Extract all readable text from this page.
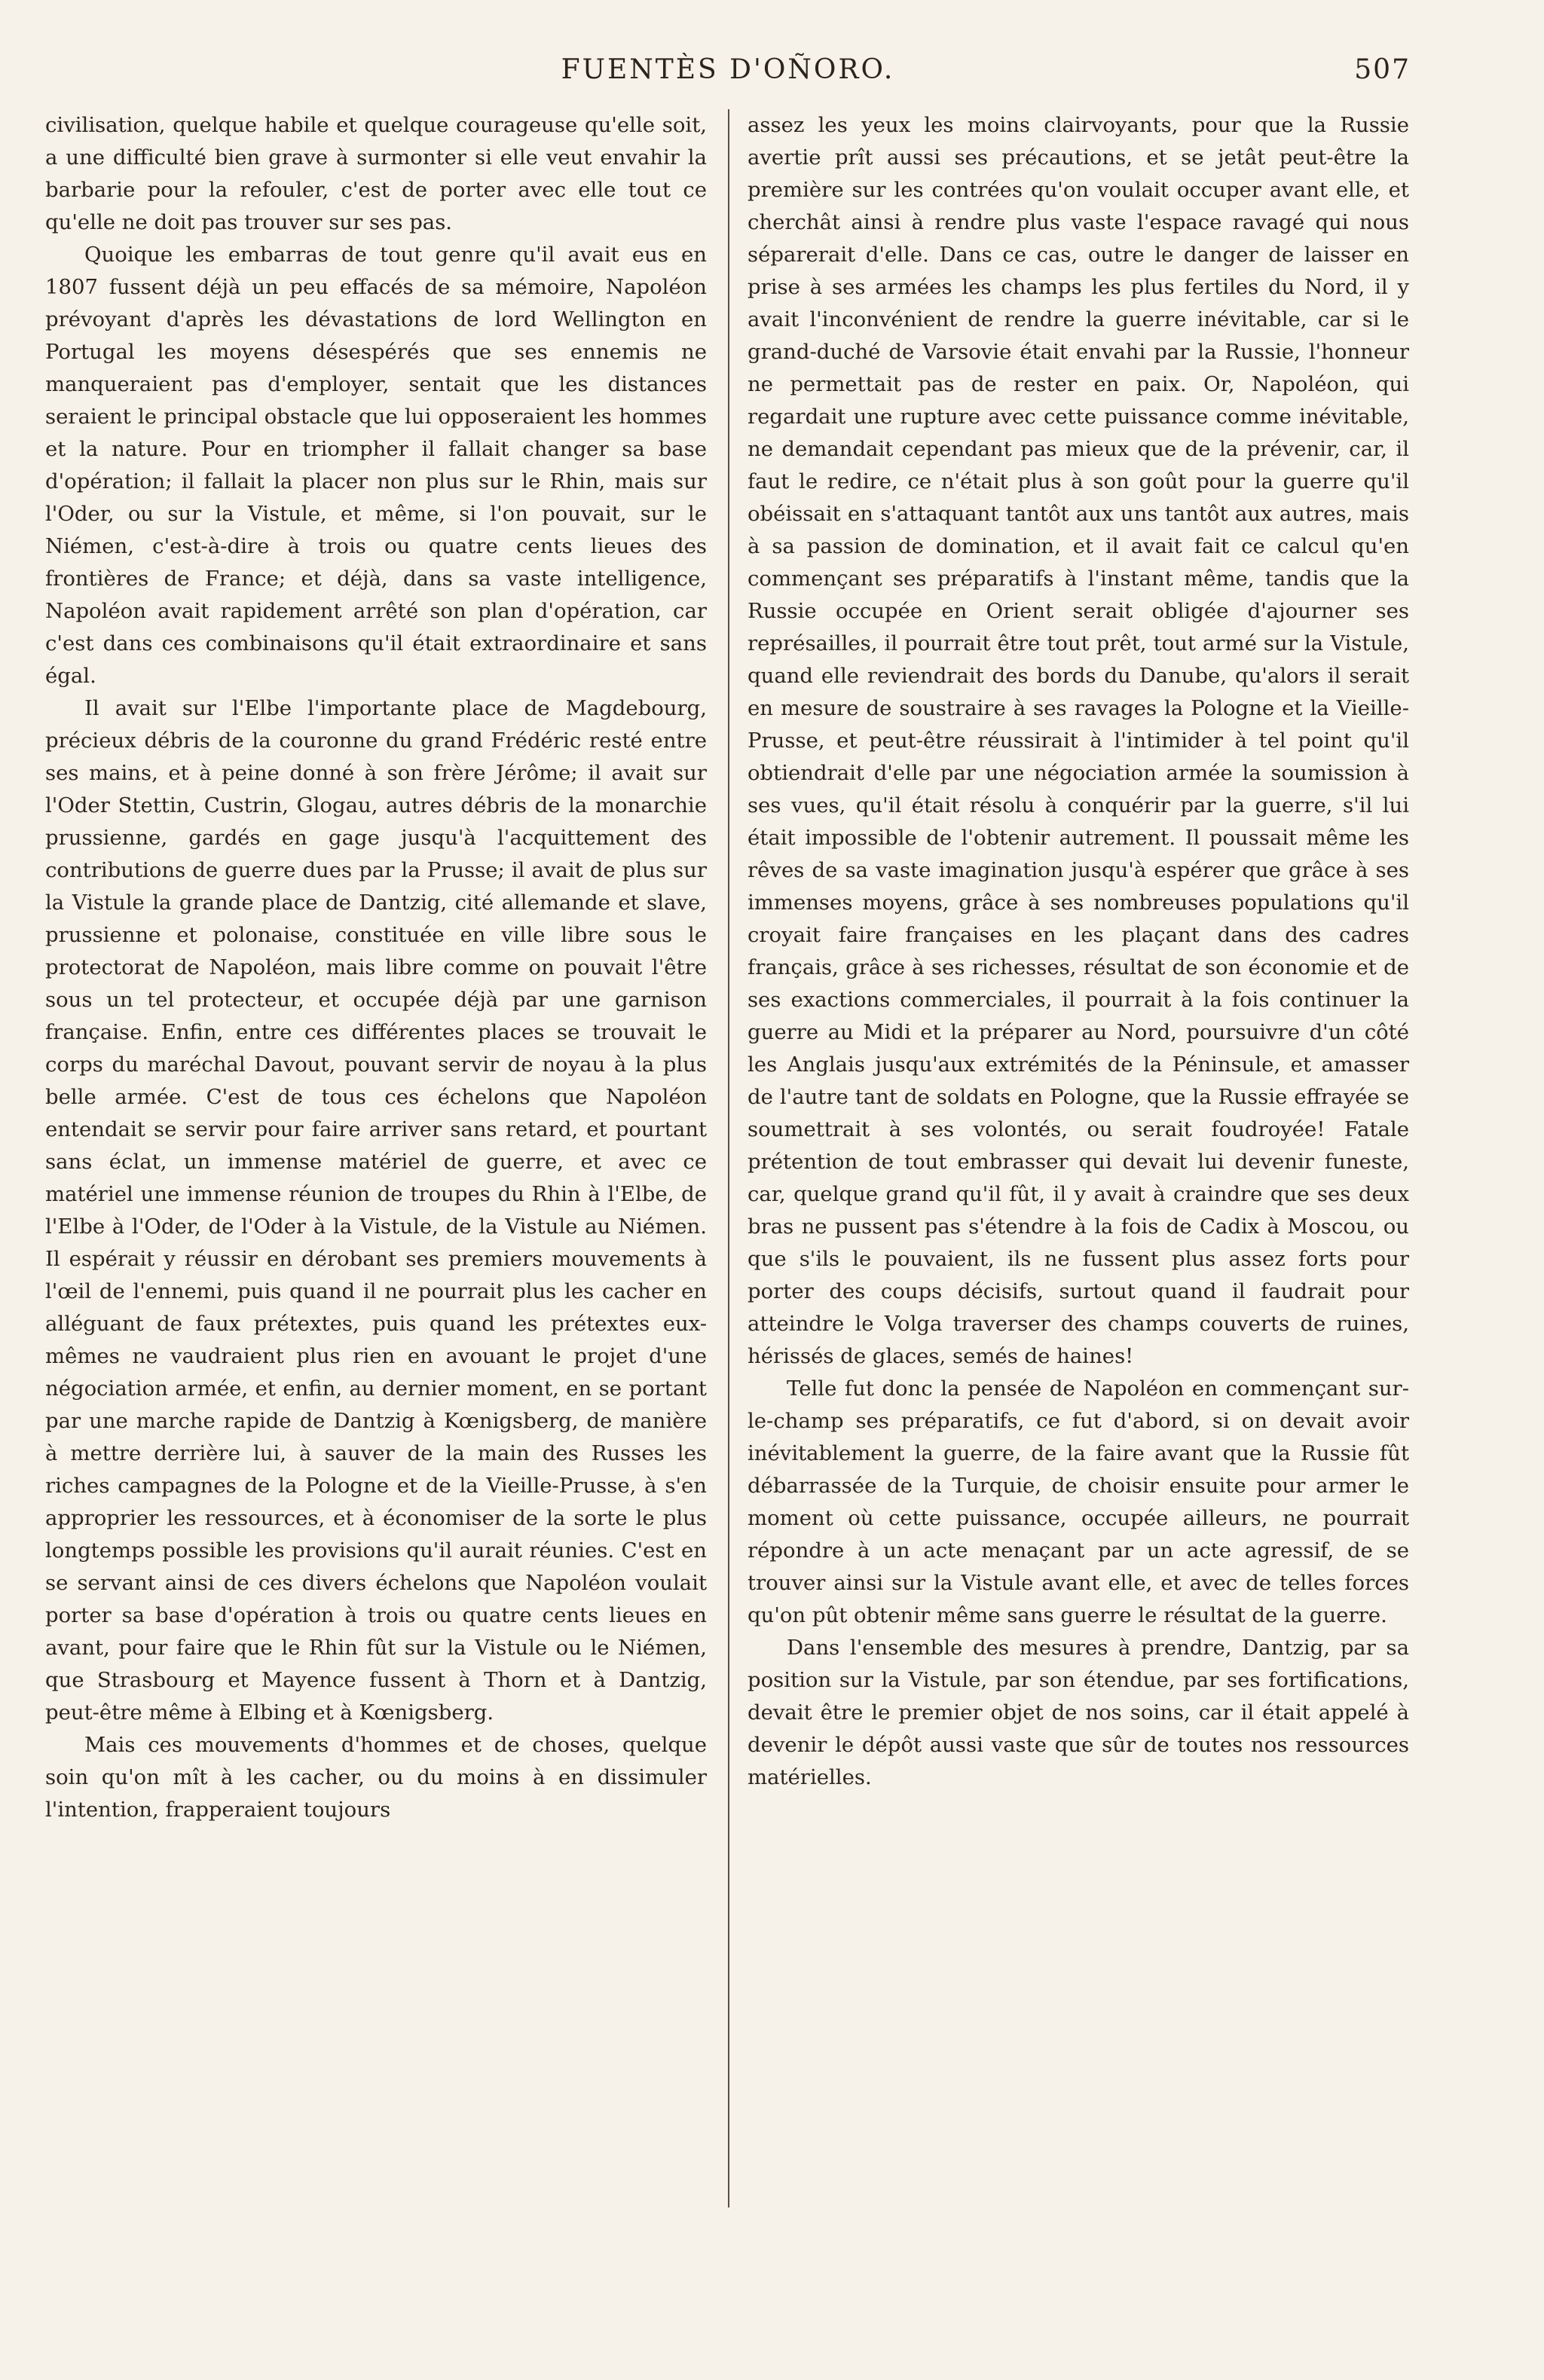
FUENTÈS D'OÑORO.	507

civilisation, quelque habile et quelque courageuse qu'elle soit, a une difficulté bien grave à surmonter si elle veut envahir la barbarie pour la refouler, c'est de porter avec elle tout ce qu'elle ne doit pas trouver sur ses pas.

Quoique les embarras de tout genre qu'il avait eus en 1807 fussent déjà un peu effacés de sa mémoire, Napoléon prévoyant d'après les dévastations de lord Wellington en Portugal les moyens désespérés que ses ennemis ne manqueraient pas d'employer, sentait que les distances seraient le principal obstacle que lui opposeraient les hommes et la nature. Pour en triompher il fallait changer sa base d'opération; il fallait la placer non plus sur le Rhin, mais sur l'Oder, ou sur la Vistule, et même, si l'on pouvait, sur le Niémen, c'est-à-dire à trois ou quatre cents lieues des frontières de France; et déjà, dans sa vaste intelligence, Napoléon avait rapidement arrêté son plan d'opération, car c'est dans ces combinaisons qu'il était extraordinaire et sans égal.

Il avait sur l'Elbe l'importante place de Magdebourg, précieux débris de la couronne du grand Frédéric resté entre ses mains, et à peine donné à son frère Jérôme; il avait sur l'Oder Stettin, Custrin, Glogau, autres débris de la monarchie prussienne, gardés en gage jusqu'à l'acquittement des contributions de guerre dues par la Prusse; il avait de plus sur la Vistule la grande place de Dantzig, cité allemande et slave, prussienne et polonaise, constituée en ville libre sous le protectorat de Napoléon, mais libre comme on pouvait l'être sous un tel protecteur, et occupée déjà par une garnison française. Enfin, entre ces différentes places se trouvait le corps du maréchal Davout, pouvant servir de noyau à la plus belle armée. C'est de tous ces échelons que Napoléon entendait se servir pour faire arriver sans retard, et pourtant sans éclat, un immense matériel de guerre, et avec ce matériel une immense réunion de troupes du Rhin à l'Elbe, de l'Elbe à l'Oder, de l'Oder à la Vistule, de la Vistule au Niémen. Il espérait y réussir en dérobant ses premiers mouvements à l'œil de l'ennemi, puis quand il ne pourrait plus les cacher en alléguant de faux prétextes, puis quand les prétextes eux-mêmes ne vaudraient plus rien en avouant le projet d'une négociation armée, et enfin, au dernier moment, en se portant par une marche rapide de Dantzig à Kœnigsberg, de manière à mettre derrière lui, à sauver de la main des Russes les riches campagnes de la Pologne et de la Vieille-Prusse, à s'en approprier les ressources, et à économiser de la sorte le plus longtemps possible les provisions qu'il aurait réunies. C'est en se servant ainsi de ces divers échelons que Napoléon voulait porter sa base d'opération à trois ou quatre cents lieues en avant, pour faire que le Rhin fût sur la Vistule ou le Niémen, que Strasbourg et Mayence fussent à Thorn et à Dantzig, peut-être même à Elbing et à Kœnigsberg.

Mais ces mouvements d'hommes et de choses, quelque soin qu'on mît à les cacher, ou du moins à en dissimuler l'intention, frapperaient toujours

assez les yeux les moins clairvoyants, pour que la Russie avertie prît aussi ses précautions, et se jetât peut-être la première sur les contrées qu'on voulait occuper avant elle, et cherchât ainsi à rendre plus vaste l'espace ravagé qui nous séparerait d'elle. Dans ce cas, outre le danger de laisser en prise à ses armées les champs les plus fertiles du Nord, il y avait l'inconvénient de rendre la guerre inévitable, car si le grand-duché de Varsovie était envahi par la Russie, l'honneur ne permettait pas de rester en paix. Or, Napoléon, qui regardait une rupture avec cette puissance comme inévitable, ne demandait cependant pas mieux que de la prévenir, car, il faut le redire, ce n'était plus à son goût pour la guerre qu'il obéissait en s'attaquant tantôt aux uns tantôt aux autres, mais à sa passion de domination, et il avait fait ce calcul qu'en commençant ses préparatifs à l'instant même, tandis que la Russie occupée en Orient serait obligée d'ajourner ses représailles, il pourrait être tout prêt, tout armé sur la Vistule, quand elle reviendrait des bords du Danube, qu'alors il serait en mesure de soustraire à ses ravages la Pologne et la Vieille-Prusse, et peut-être réussirait à l'intimider à tel point qu'il obtiendrait d'elle par une négociation armée la soumission à ses vues, qu'il était résolu à conquérir par la guerre, s'il lui était impossible de l'obtenir autrement. Il poussait même les rêves de sa vaste imagination jusqu'à espérer que grâce à ses immenses moyens, grâce à ses nombreuses populations qu'il croyait faire françaises en les plaçant dans des cadres français, grâce à ses richesses, résultat de son économie et de ses exactions commerciales, il pourrait à la fois continuer la guerre au Midi et la préparer au Nord, poursuivre d'un côté les Anglais jusqu'aux extrémités de la Péninsule, et amasser de l'autre tant de soldats en Pologne, que la Russie effrayée se soumettrait à ses volontés, ou serait foudroyée! Fatale prétention de tout embrasser qui devait lui devenir funeste, car, quelque grand qu'il fût, il y avait à craindre que ses deux bras ne pussent pas s'étendre à la fois de Cadix à Moscou, ou que s'ils le pouvaient, ils ne fussent plus assez forts pour porter des coups décisifs, surtout quand il faudrait pour atteindre le Volga traverser des champs couverts de ruines, hérissés de glaces, semés de haines!

Telle fut donc la pensée de Napoléon en commençant sur-le-champ ses préparatifs, ce fut d'abord, si on devait avoir inévitablement la guerre, de la faire avant que la Russie fût débarrassée de la Turquie, de choisir ensuite pour armer le moment où cette puissance, occupée ailleurs, ne pourrait répondre à un acte menaçant par un acte agressif, de se trouver ainsi sur la Vistule avant elle, et avec de telles forces qu'on pût obtenir même sans guerre le résultat de la guerre.

Dans l'ensemble des mesures à prendre, Dantzig, par sa position sur la Vistule, par son étendue, par ses fortifications, devait être le premier objet de nos soins, car il était appelé à devenir le dépôt aussi vaste que sûr de toutes nos ressources matérielles.
